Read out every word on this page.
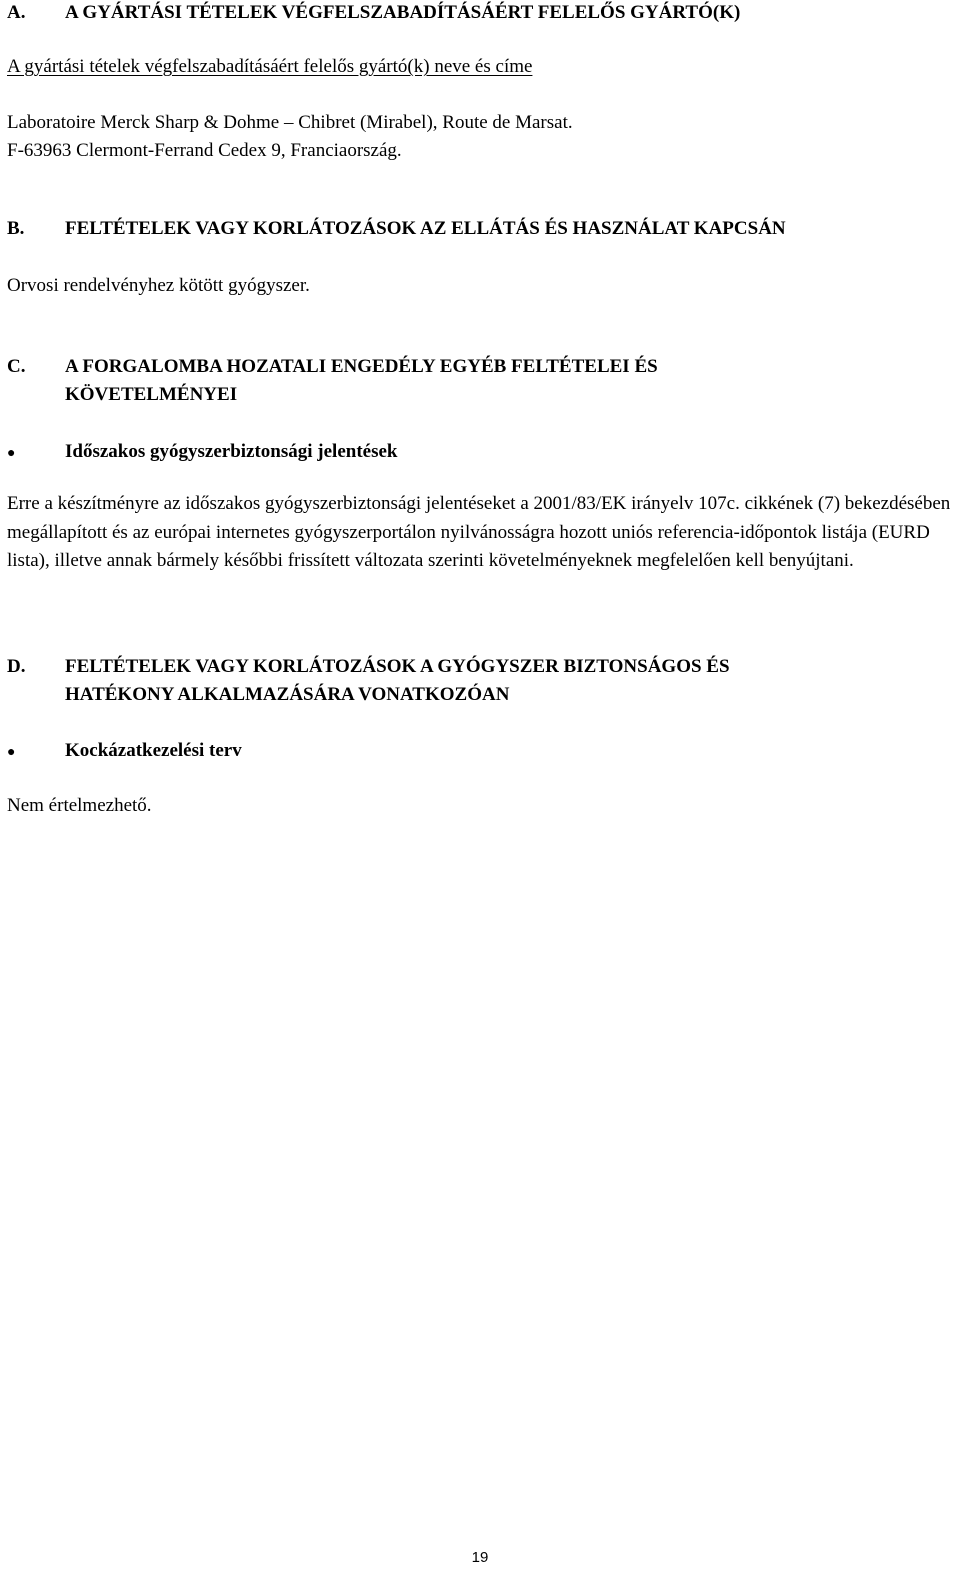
A. A GYÁRTÁSI TÉTELEK VÉGFELSZABADÍTÁSÁÉRT FELELŐS GYÁRTÓ(K)
A gyártási tételek végfelszabadításáért felelős gyártó(k) neve és címe
Laboratoire Merck Sharp & Dohme – Chibret (Mirabel), Route de Marsat.
F-63963 Clermont-Ferrand Cedex 9, Franciaország.
B. FELTÉTELEK VAGY KORLÁTOZÁSOK AZ ELLÁTÁS ÉS HASZNÁLAT KAPCSÁN
Orvosi rendelvényhez kötött gyógyszer.
C. A FORGALOMBA HOZATALI ENGEDÉLY EGYÉB FELTÉTELEI ÉS
KÖVETELMÉNYEI
●	Időszakos gyógyszerbiztonsági jelentések
Erre a készítményre az időszakos gyógyszerbiztonsági jelentéseket a 2001/83/EK irányelv 107c. cikkének (7) bekezdésében megállapított és az európai internetes gyógyszerportálon nyilvánosságra hozott uniós referencia-időpontok listája (EURD lista), illetve annak bármely későbbi frissített változata szerinti követelményeknek megfelelően kell benyújtani.
D. FELTÉTELEK VAGY KORLÁTOZÁSOK A GYÓGYSZER BIZTONSÁGOS ÉS
HATÉKONY ALKALMAZÁSÁRA VONATKOZÓAN
●	Kockázatkezelési terv
Nem értelmezhető.
19
